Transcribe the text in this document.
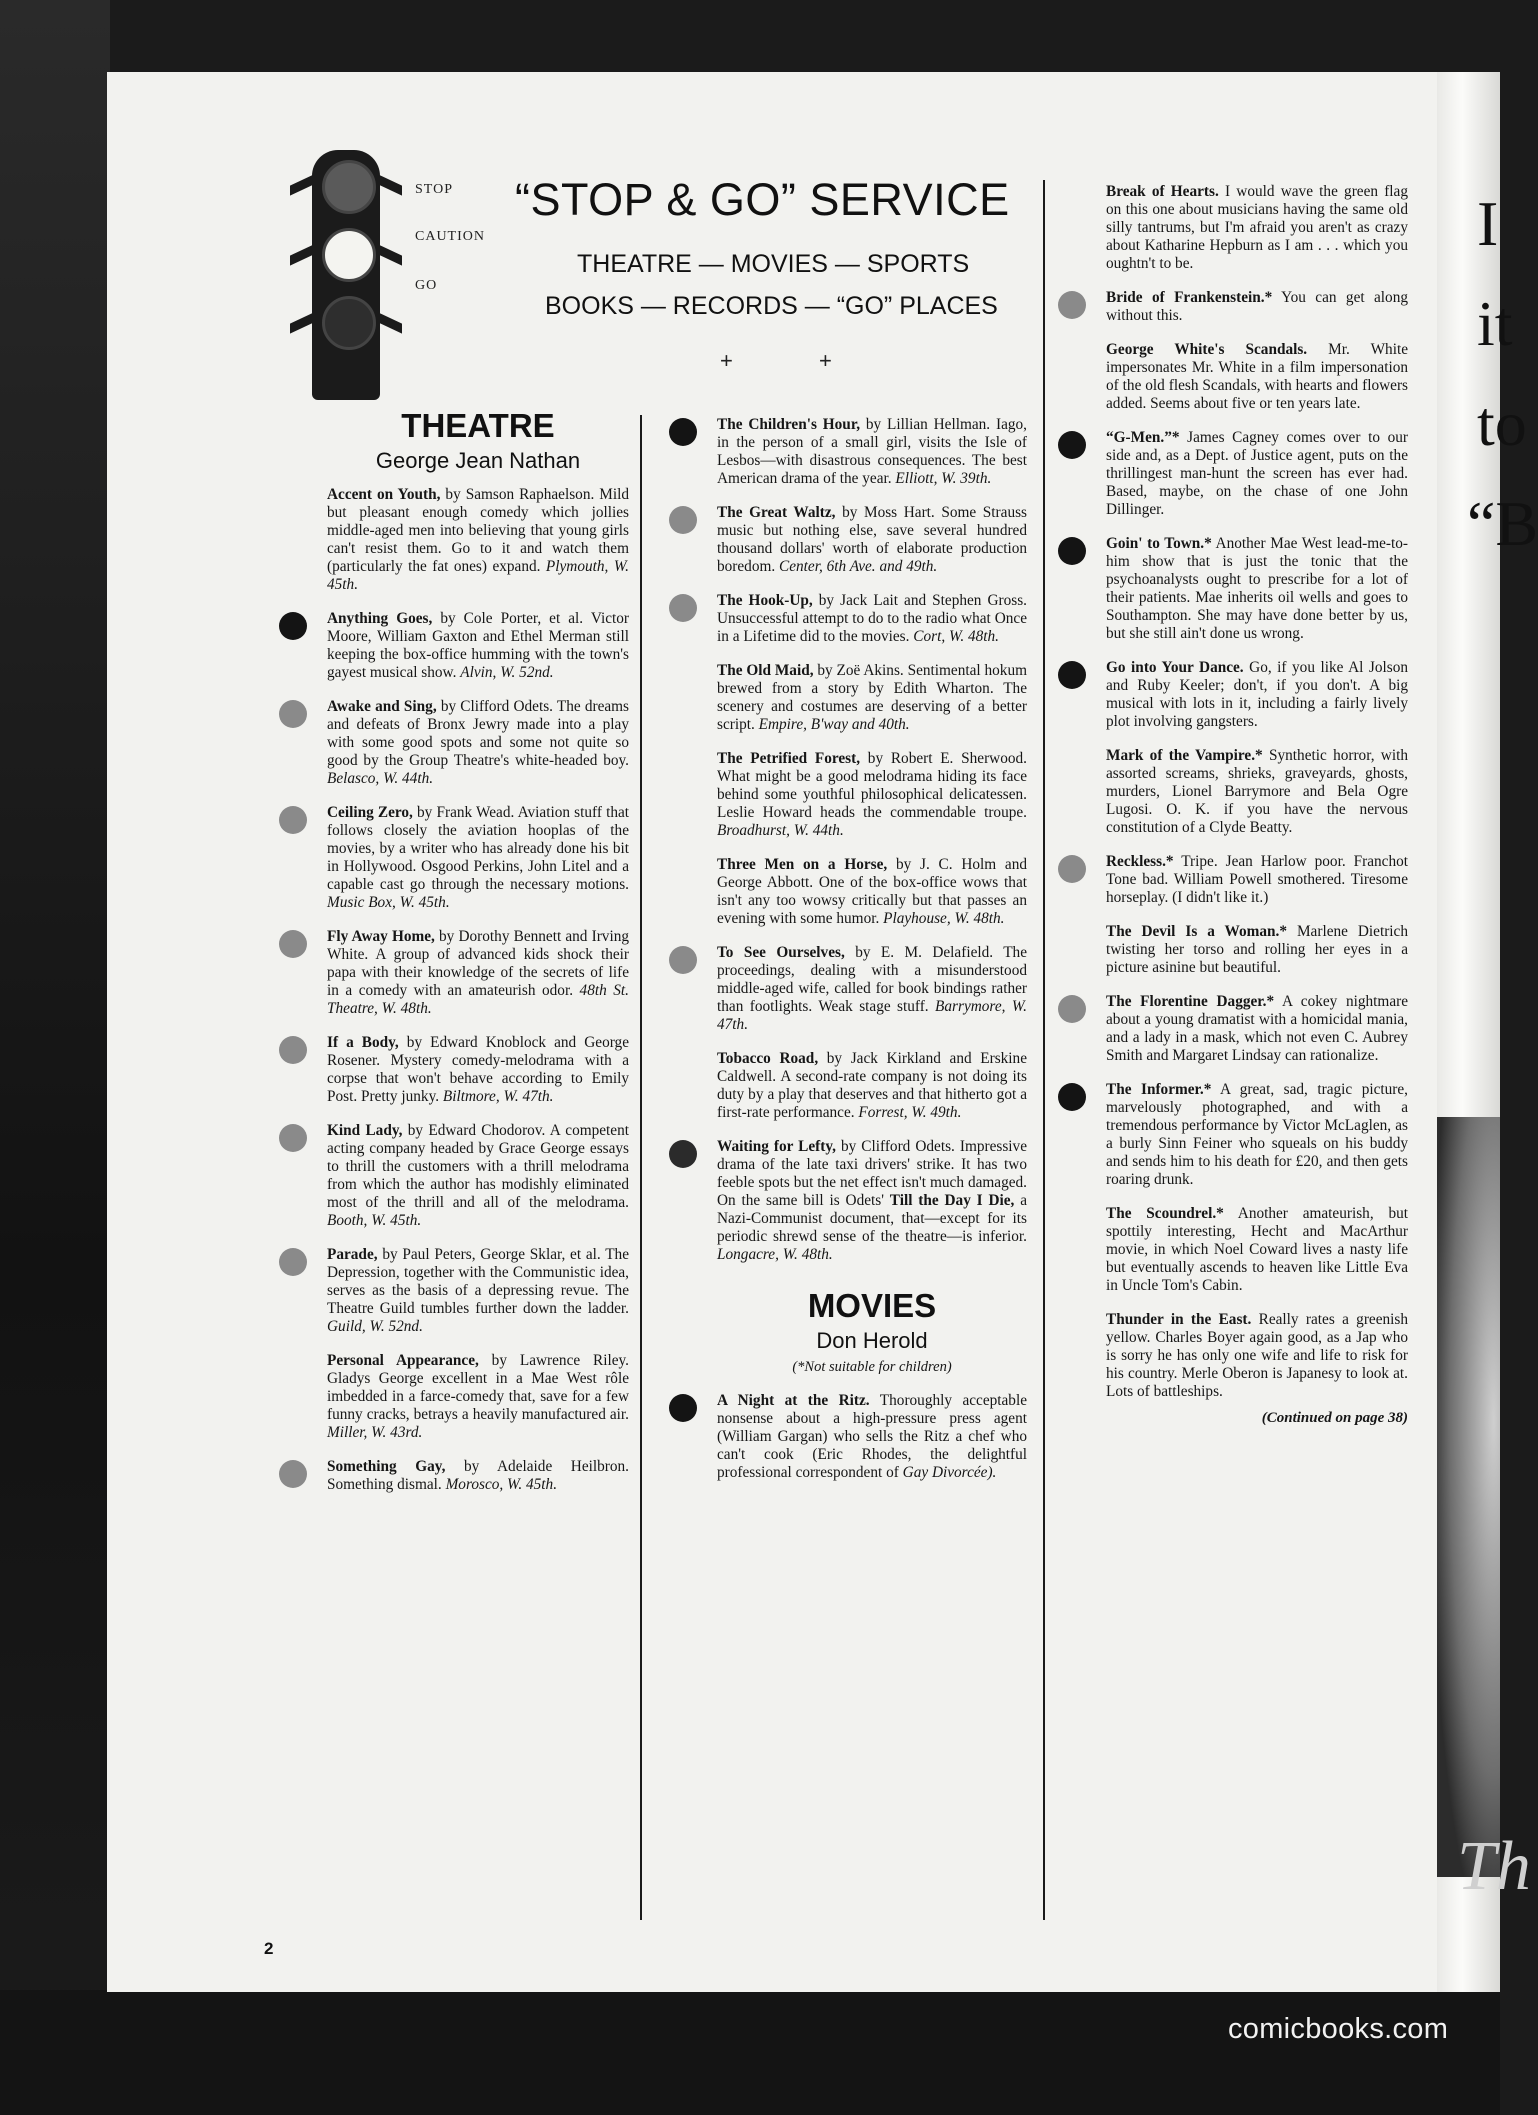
I
it
to
“B
Th
STOP
CAUTION
GO
“STOP & GO” SERVICE
THEATRE — MOVIES — SPORTS
BOOKS — RECORDS — “GO” PLACES
+ +
THEATRE
George Jean Nathan
Accent on Youth, by Samson Raphaelson. Mild but pleasant enough comedy which jollies middle-aged men into believing that young girls can't resist them. Go to it and watch them (particularly the fat ones) expand. Plymouth, W. 45th.
Anything Goes, by Cole Porter, et al. Victor Moore, William Gaxton and Ethel Merman still keeping the box-office humming with the town's gayest musical show. Alvin, W. 52nd.
Awake and Sing, by Clifford Odets. The dreams and defeats of Bronx Jewry made into a play with some good spots and some not quite so good by the Group Theatre's white-headed boy. Belasco, W. 44th.
Ceiling Zero, by Frank Wead. Aviation stuff that follows closely the aviation hooplas of the movies, by a writer who has already done his bit in Hollywood. Osgood Perkins, John Litel and a capable cast go through the necessary motions. Music Box, W. 45th.
Fly Away Home, by Dorothy Bennett and Irving White. A group of advanced kids shock their papa with their knowledge of the secrets of life in a comedy with an amateurish odor. 48th St. Theatre, W. 48th.
If a Body, by Edward Knoblock and George Rosener. Mystery comedy-melodrama with a corpse that won't behave according to Emily Post. Pretty junky. Biltmore, W. 47th.
Kind Lady, by Edward Chodorov. A competent acting company headed by Grace George essays to thrill the customers with a thrill melodrama from which the author has modishly eliminated most of the thrill and all of the melodrama. Booth, W. 45th.
Parade, by Paul Peters, George Sklar, et al. The Depression, together with the Communistic idea, serves as the basis of a depressing revue. The Theatre Guild tumbles further down the ladder. Guild, W. 52nd.
Personal Appearance, by Lawrence Riley. Gladys George excellent in a Mae West rôle imbedded in a farce-comedy that, save for a few funny cracks, betrays a heavily manufactured air. Miller, W. 43rd.
Something Gay, by Adelaide Heilbron. Something dismal. Morosco, W. 45th.
The Children's Hour, by Lillian Hellman. Iago, in the person of a small girl, visits the Isle of Lesbos—with disastrous consequences. The best American drama of the year. Elliott, W. 39th.
The Great Waltz, by Moss Hart. Some Strauss music but nothing else, save several hundred thousand dollars' worth of elaborate production boredom. Center, 6th Ave. and 49th.
The Hook-Up, by Jack Lait and Stephen Gross. Unsuccessful attempt to do to the radio what Once in a Lifetime did to the movies. Cort, W. 48th.
The Old Maid, by Zoë Akins. Sentimental hokum brewed from a story by Edith Wharton. The scenery and costumes are deserving of a better script. Empire, B'way and 40th.
The Petrified Forest, by Robert E. Sherwood. What might be a good melodrama hiding its face behind some youthful philosophical delicatessen. Leslie Howard heads the commendable troupe. Broadhurst, W. 44th.
Three Men on a Horse, by J. C. Holm and George Abbott. One of the box-office wows that isn't any too wowsy critically but that passes an evening with some humor. Playhouse, W. 48th.
To See Ourselves, by E. M. Delafield. The proceedings, dealing with a misunderstood middle-aged wife, called for book bindings rather than footlights. Weak stage stuff. Barrymore, W. 47th.
Tobacco Road, by Jack Kirkland and Erskine Caldwell. A second-rate company is not doing its duty by a play that deserves and that hitherto got a first-rate performance. Forrest, W. 49th.
Waiting for Lefty, by Clifford Odets. Impressive drama of the late taxi drivers' strike. It has two feeble spots but the net effect isn't much damaged. On the same bill is Odets' Till the Day I Die, a Nazi-Communist document, that—except for its periodic shrewd sense of the theatre—is inferior. Longacre, W. 48th.
MOVIES
Don Herold
(*Not suitable for children)
A Night at the Ritz. Thoroughly acceptable nonsense about a high-pressure press agent (William Gargan) who sells the Ritz a chef who can't cook (Eric Rhodes, the delightful professional correspondent of Gay Divorcée).
Break of Hearts. I would wave the green flag on this one about musicians having the same old silly tantrums, but I'm afraid you aren't as crazy about Katharine Hepburn as I am . . . which you oughtn't to be.
Bride of Frankenstein.* You can get along without this.
George White's Scandals. Mr. White impersonates Mr. White in a film impersonation of the old flesh Scandals, with hearts and flowers added. Seems about five or ten years late.
“G-Men.”* James Cagney comes over to our side and, as a Dept. of Justice agent, puts on the thrillingest man-hunt the screen has ever had. Based, maybe, on the chase of one John Dillinger.
Goin' to Town.* Another Mae West lead-me-to-him show that is just the tonic that the psychoanalysts ought to prescribe for a lot of their patients. Mae inherits oil wells and goes to Southampton. She may have done better by us, but she still ain't done us wrong.
Go into Your Dance. Go, if you like Al Jolson and Ruby Keeler; don't, if you don't. A big musical with lots in it, including a fairly lively plot involving gangsters.
Mark of the Vampire.* Synthetic horror, with assorted screams, shrieks, graveyards, ghosts, murders, Lionel Barrymore and Bela Ogre Lugosi. O. K. if you have the nervous constitution of a Clyde Beatty.
Reckless.* Tripe. Jean Harlow poor. Franchot Tone bad. William Powell smothered. Tiresome horseplay. (I didn't like it.)
The Devil Is a Woman.* Marlene Dietrich twisting her torso and rolling her eyes in a picture asinine but beautiful.
The Florentine Dagger.* A cokey nightmare about a young dramatist with a homicidal mania, and a lady in a mask, which not even C. Aubrey Smith and Margaret Lindsay can rationalize.
The Informer.* A great, sad, tragic picture, marvelously photographed, and with a tremendous performance by Victor McLaglen, as a burly Sinn Feiner who squeals on his buddy and sends him to his death for £20, and then gets roaring drunk.
The Scoundrel.* Another amateurish, but spottily interesting, Hecht and MacArthur movie, in which Noel Coward lives a nasty life but eventually ascends to heaven like Little Eva in Uncle Tom's Cabin.
Thunder in the East. Really rates a greenish yellow. Charles Boyer again good, as a Jap who is sorry he has only one wife and life to risk for his country. Merle Oberon is Japanesy to look at. Lots of battleships.
(Continued on page 38)
2
comicbooks.com
